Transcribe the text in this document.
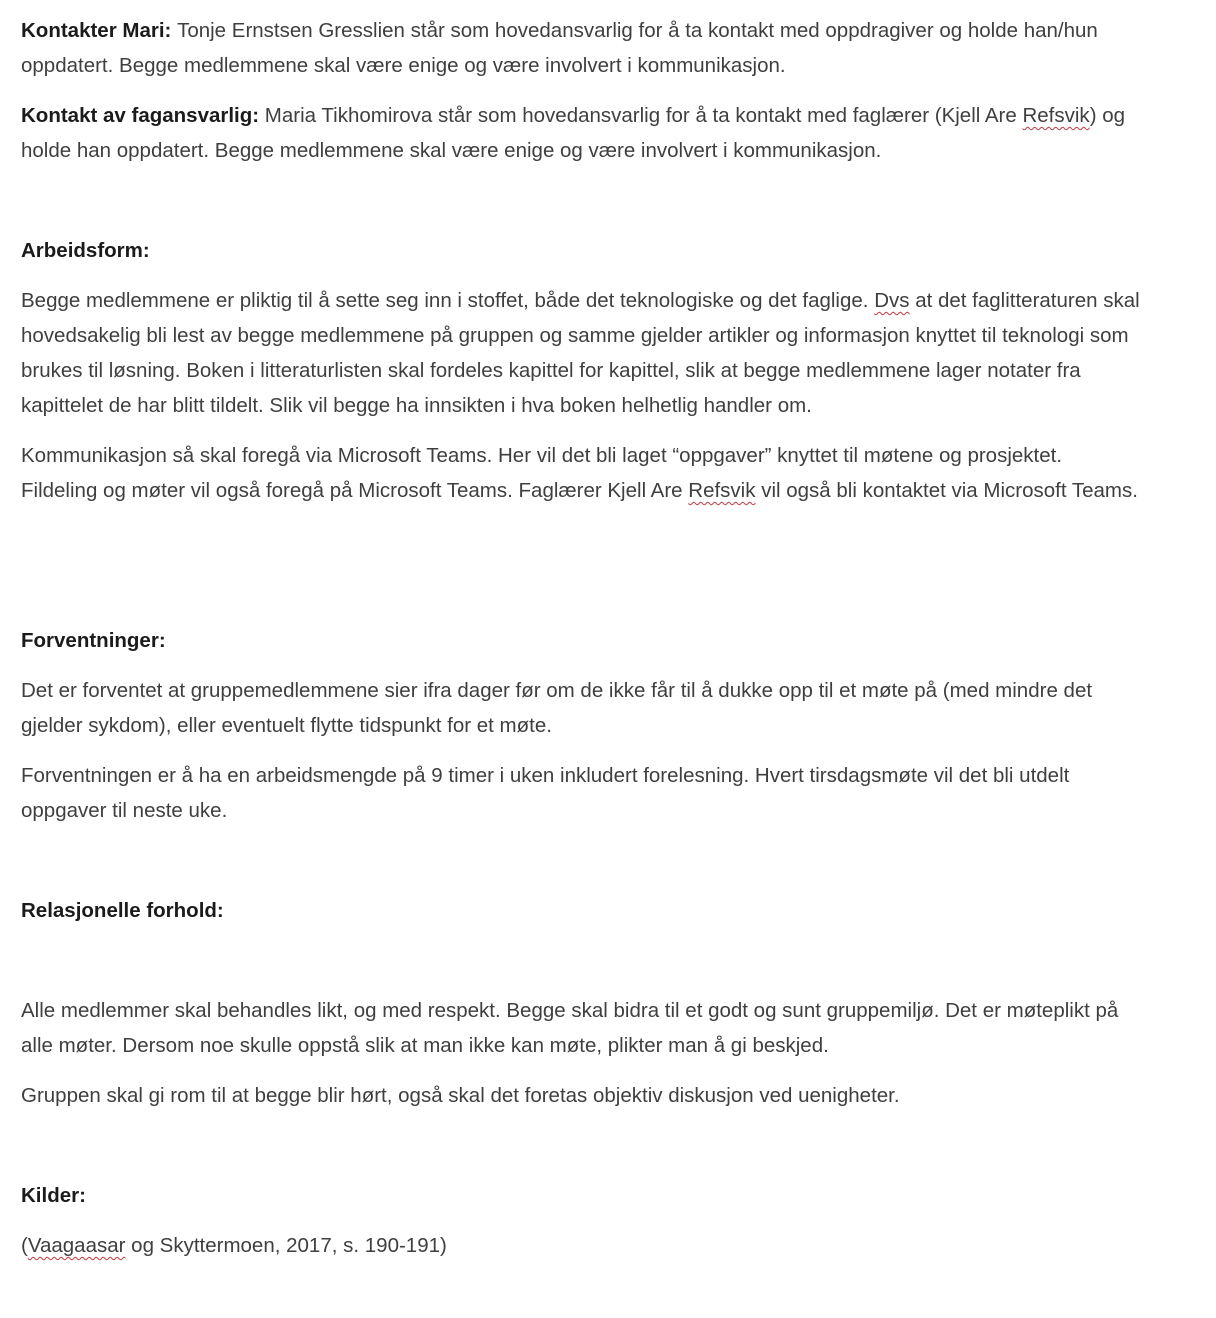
Kontakter Mari: Tonje Ernstsen Gresslien står som hovedansvarlig for å ta kontakt med oppdragiver og holde han/hun oppdatert. Begge medlemmene skal være enige og være involvert i kommunikasjon.

Kontakt av fagansvarlig: Maria Tikhomirova står som hovedansvarlig for å ta kontakt med faglærer (Kjell Are Refsvik) og holde han oppdatert. Begge medlemmene skal være enige og være involvert i kommunikasjon.

Arbeidsform:

Begge medlemmene er pliktig til å sette seg inn i stoffet, både det teknologiske og det faglige. Dvs at det faglitteraturen skal hovedsakelig bli lest av begge medlemmene på gruppen og samme gjelder artikler og informasjon knyttet til teknologi som brukes til løsning. Boken i litteraturlisten skal fordeles kapittel for kapittel, slik at begge medlemmene lager notater fra kapittelet de har blitt tildelt. Slik vil begge ha innsikten i hva boken helhetlig handler om.

Kommunikasjon så skal foregå via Microsoft Teams. Her vil det bli laget “oppgaver” knyttet til møtene og prosjektet. Fildeling og møter vil også foregå på Microsoft Teams. Faglærer Kjell Are Refsvik vil også bli kontaktet via Microsoft Teams.

Forventninger:

Det er forventet at gruppemedlemmene sier ifra dager før om de ikke får til å dukke opp til et møte på (med mindre det gjelder sykdom), eller eventuelt flytte tidspunkt for et møte.

Forventningen er å ha en arbeidsmengde på 9 timer i uken inkludert forelesning. Hvert tirsdagsmøte vil det bli utdelt oppgaver til neste uke.

Relasjonelle forhold:

Alle medlemmer skal behandles likt, og med respekt. Begge skal bidra til et godt og sunt gruppemiljø. Det er møteplikt på alle møter. Dersom noe skulle oppstå slik at man ikke kan møte, plikter man å gi beskjed.

Gruppen skal gi rom til at begge blir hørt, også skal det foretas objektiv diskusjon ved uenigheter.

Kilder:

(Vaagaasar og Skyttermoen, 2017, s. 190-191)
